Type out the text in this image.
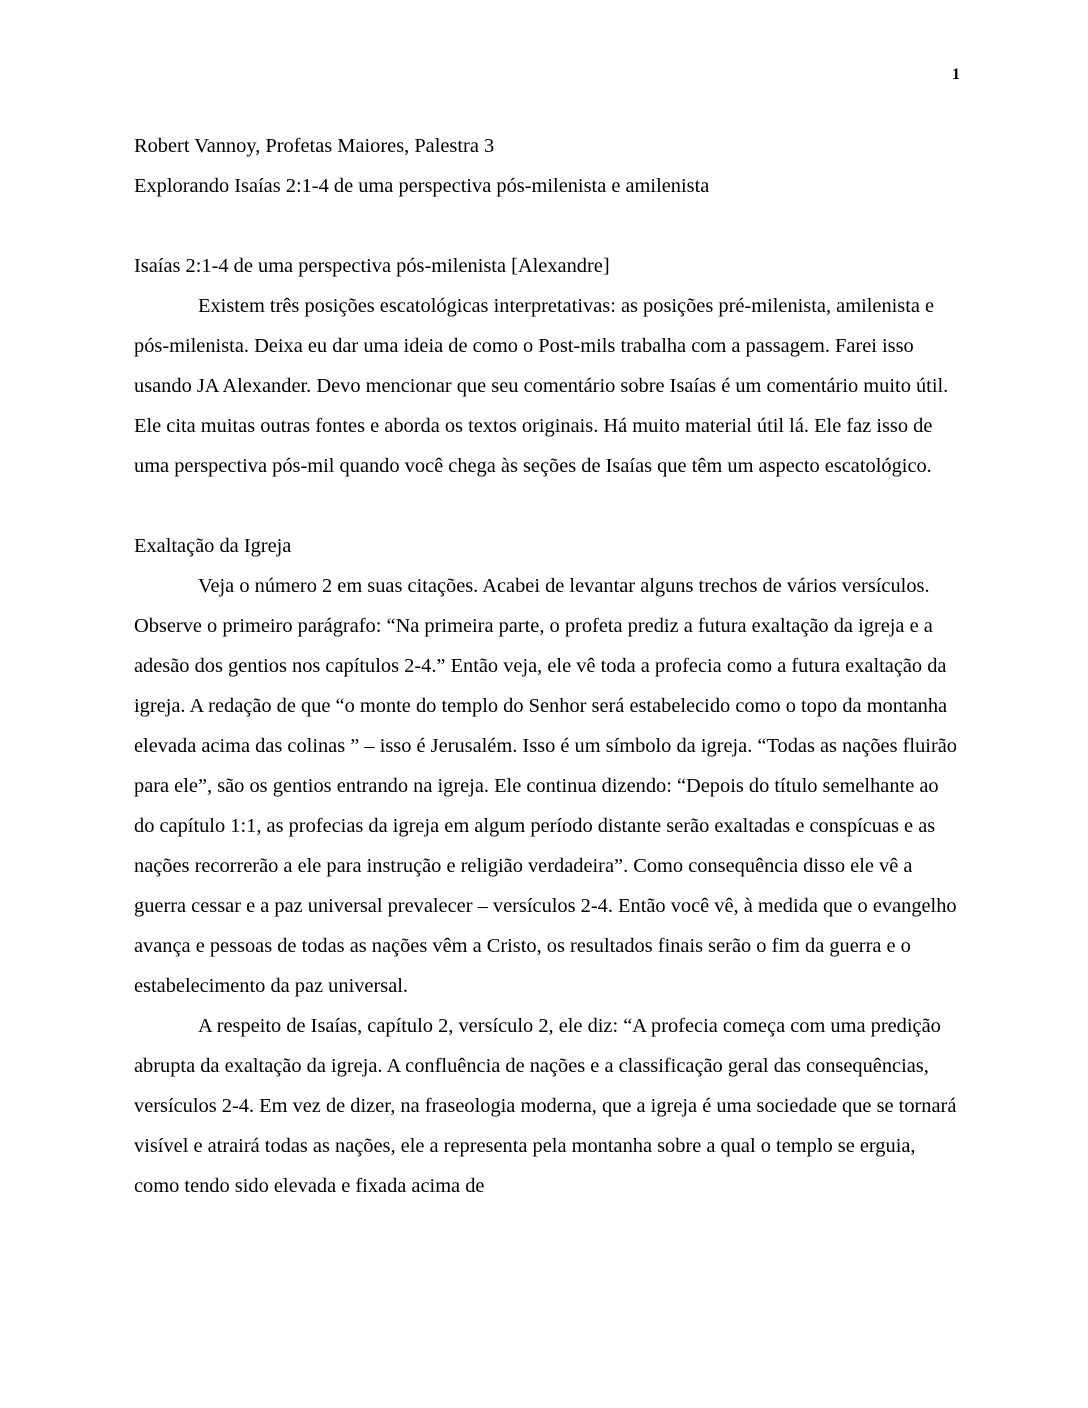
1

Robert Vannoy, Profetas Maiores, Palestra 3

Explorando Isaías 2:1-4 de uma perspectiva pós-milenista e amilenista

Isaías 2:1-4 de uma perspectiva pós-milenista [Alexandre]

Existem três posições escatológicas interpretativas: as posições pré-milenista, amilenista e pós-milenista. Deixa eu dar uma ideia de como o Post-mils trabalha com a passagem. Farei isso usando JA Alexander. Devo mencionar que seu comentário sobre Isaías é um comentário muito útil. Ele cita muitas outras fontes e aborda os textos originais. Há muito material útil lá. Ele faz isso de uma perspectiva pós-mil quando você chega às seções de Isaías que têm um aspecto escatológico.

Exaltação da Igreja

Veja o número 2 em suas citações. Acabei de levantar alguns trechos de vários versículos. Observe o primeiro parágrafo: “Na primeira parte, o profeta prediz a futura exaltação da igreja e a adesão dos gentios nos capítulos 2-4.” Então veja, ele vê toda a profecia como a futura exaltação da igreja. A redação de que “o monte do templo do Senhor será estabelecido como o topo da montanha elevada acima das colinas ” – isso é Jerusalém. Isso é um símbolo da igreja. “Todas as nações fluirão para ele”, são os gentios entrando na igreja. Ele continua dizendo: “Depois do título semelhante ao do capítulo 1:1, as profecias da igreja em algum período distante serão exaltadas e conspícuas e as nações recorrerão a ele para instrução e religião verdadeira”. Como consequência disso ele vê a guerra cessar e a paz universal prevalecer – versículos 2-4. Então você vê, à medida que o evangelho avança e pessoas de todas as nações vêm a Cristo, os resultados finais serão o fim da guerra e o estabelecimento da paz universal.

A respeito de Isaías, capítulo 2, versículo 2, ele diz: “A profecia começa com uma predição abrupta da exaltação da igreja. A confluência de nações e a classificação geral das consequências, versículos 2-4. Em vez de dizer, na fraseologia moderna, que a igreja é uma sociedade que se tornará visível e atrairá todas as nações, ele a representa pela montanha sobre a qual o templo se erguia, como tendo sido elevada e fixada acima de
